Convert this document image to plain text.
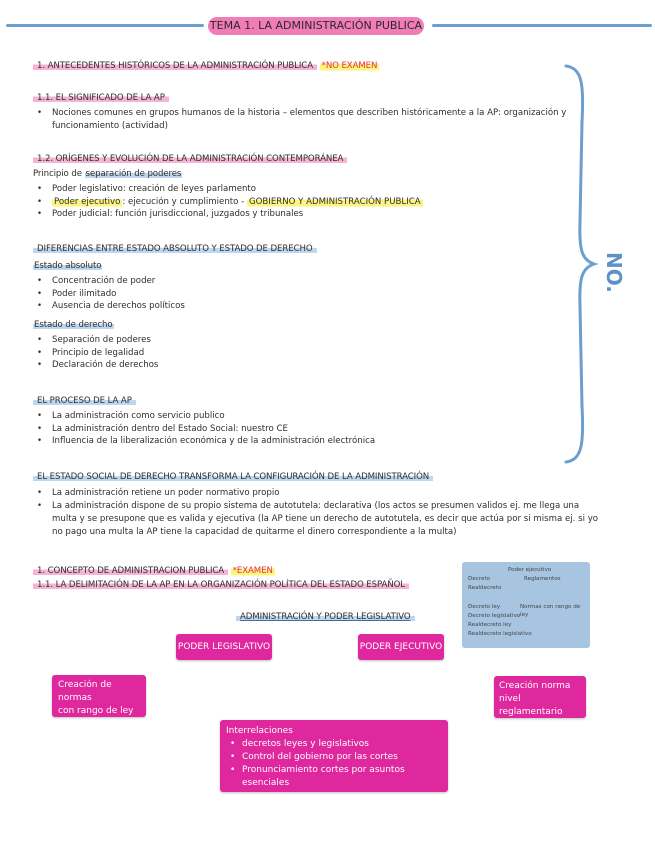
TEMA 1. LA ADMINISTRACIÓN PUBLICA
1. ANTECEDENTES HISTÓRICOS DE LA ADMINISTRACIÓN PUBLICA *NO EXAMEN
1.1. EL SIGNIFICADO DE LA AP
• Nociones comunes en grupos humanos de la historia – elementos que describen históricamente a la AP: organización y
funcionamiento (actividad)
1.2. ORÍGENES Y EVOLUCIÓN DE LA ADMINISTRACIÓN CONTEMPORÁNEA
Principio de separación de poderes
• Poder legislativo: creación de leyes parlamento
• Poder ejecutivo : ejecución y cumplimiento - GOBIERNO Y ADMINISTRACIÓN PUBLICA
• Poder judicial: función jurisdiccional, juzgados y tribunales
DIFERENCIAS ENTRE ESTADO ABSOLUTO Y ESTADO DE DERECHO
Estado absoluto
• Concentración de poder
• Poder ilimitado
• Ausencia de derechos políticos
Estado de derecho
• Separación de poderes
• Principio de legalidad
• Declaración de derechos
EL PROCESO DE LA AP
• La administración como servicio publico
• La administración dentro del Estado Social: nuestro CE
• Influencia de la liberalización económica y de la administración electrónica
EL ESTADO SOCIAL DE DERECHO TRANSFORMA LA CONFIGURACIÓN DE LA ADMINISTRACIÓN
• La administración retiene un poder normativo propio
• La administración dispone de su propio sistema de autotutela: declarativa (los actos se presumen validos ej. me llega una multa y se presupone que es valida y ejecutiva (la AP tiene un derecho de autotutela, es decir que actúa por si misma ej. si yo no pago una multa la AP tiene la capacidad de quitarme el dinero correspondiente a la multa)
1. CONCEPTO DE ADMINISTRACION PUBLICA *EXAMEN
1.1. LA DELIMITACIÓN DE LA AP EN LA ORGANIZACIÓN POLÍTICA DEL ESTADO ESPAÑOL
Poder ejecutivo
Decreto	Reglamentos
Realdecreto
Decreto ley	Normas con rango de ley
Decreto legislativo
Realdecreto ley
Realdecreto legislativo
ADMINISTRACIÓN Y PODER LEGISLATIVO
PODER LEGISLATIVO	PODER EJECUTIVO
Creación de normas
con rango de ley
Creación norma
nivel reglamentario
Interrelaciones
• decretos leyes y legislativos
• Control del gobierno por las cortes
• Pronunciamiento cortes por asuntos esenciales
NO.
